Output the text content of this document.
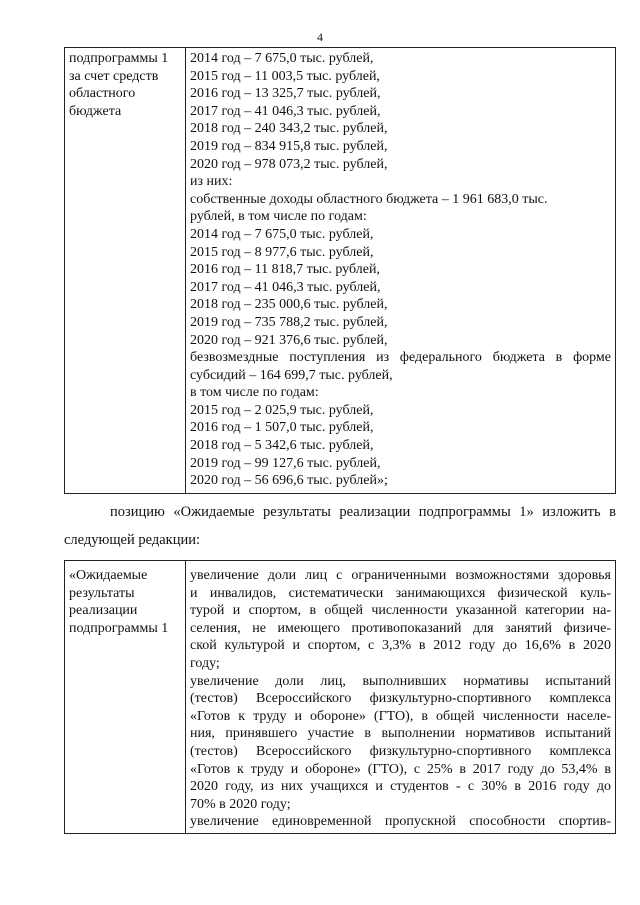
4
подпрограммы 1
за счет средств
областного
бюджета

2014 год – 7 675,0 тыс. рублей,
2015 год – 11 003,5 тыс. рублей,
2016 год – 13 325,7 тыс. рублей,
2017 год – 41 046,3 тыс. рублей,
2018 год – 240 343,2 тыс. рублей,
2019 год – 834 915,8 тыс. рублей,
2020 год – 978 073,2 тыс. рублей,
из них:
собственные доходы областного бюджета – 1 961 683,0 тыс.
рублей, в том числе по годам:
2014 год – 7 675,0 тыс. рублей,
2015 год – 8 977,6 тыс. рублей,
2016 год – 11 818,7 тыс. рублей,
2017 год – 41 046,3 тыс. рублей,
2018 год – 235 000,6 тыс. рублей,
2019 год – 735 788,2 тыс. рублей,
2020 год – 921 376,6 тыс. рублей,
безвозмездные поступления из федерального бюджета в форме
субсидий – 164 699,7 тыс. рублей,
в том числе по годам:
2015 год – 2 025,9 тыс. рублей,
2016 год – 1 507,0 тыс. рублей,
2018 год – 5 342,6 тыс. рублей,
2019 год – 99 127,6 тыс. рублей,
2020 год – 56 696,6 тыс. рублей»;
позицию «Ожидаемые результаты реализации подпрограммы 1» изложить в
следующей редакции:
«Ожидаемые
результаты
реализации
подпрограммы 1

увеличение доли лиц с ограниченными возможностями здоровья
и инвалидов, систематически занимающихся физической куль-
турой и спортом, в общей численности указанной категории на-
селения, не имеющего противопоказаний для занятий физиче-
ской культурой и спортом, с 3,3% в 2012 году до 16,6% в 2020
году;
увеличение доли лиц, выполнивших нормативы испытаний
(тестов) Всероссийского физкультурно-спортивного комплекса
«Готов к труду и обороне» (ГТО), в общей численности населе-
ния, принявшего участие в выполнении нормативов испытаний
(тестов) Всероссийского физкультурно-спортивного комплекса
«Готов к труду и обороне» (ГТО), с 25% в 2017 году до 53,4% в
2020 году, из них учащихся и студентов - с 30% в 2016 году до
70% в 2020 году;
увеличение единовременной пропускной способности спортив-
